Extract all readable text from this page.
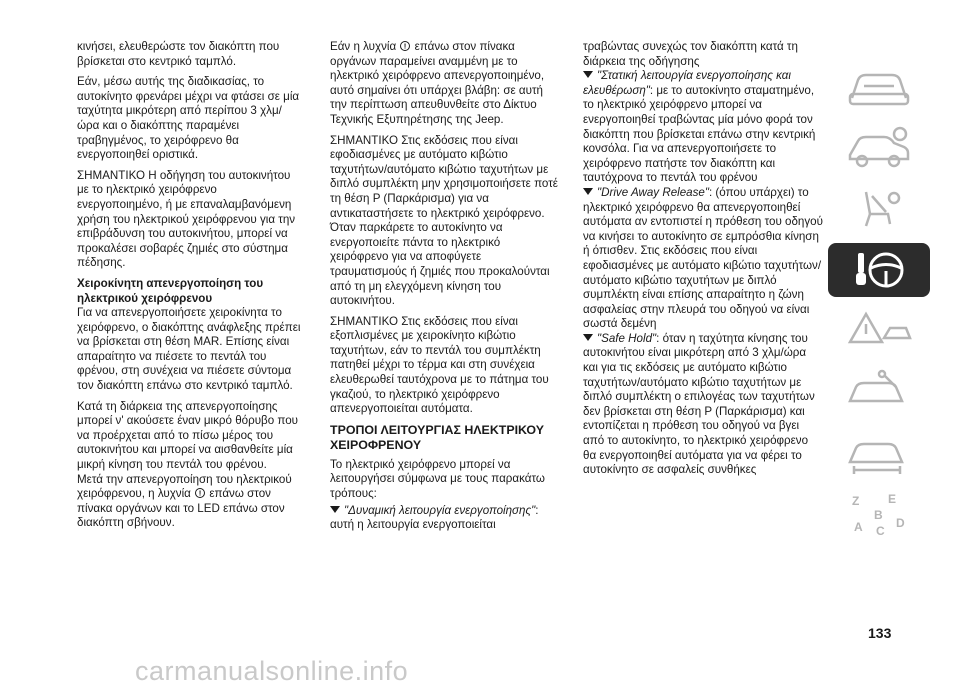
κινήσει, ελευθερώστε τον διακόπτη που βρίσκεται στο κεντρικό ταμπλό.

Εάν, μέσω αυτής της διαδικασίας, το αυτοκίνητο φρενάρει μέχρι να φτάσει σε μία ταχύτητα μικρότερη από περίπου 3 χλμ/ώρα και ο διακόπτης παραμένει τραβηγμένος, το χειρόφρενο θα ενεργοποιηθεί οριστικά.

ΣΗΜΑΝΤΙΚΟ Η οδήγηση του αυτοκινήτου με το ηλεκτρικό χειρόφρενο ενεργοποιημένο, ή με επαναλαμβανόμενη χρήση του ηλεκτρικού χειρόφρενου για την επιβράδυνση του αυτοκινήτου, μπορεί να προκαλέσει σοβαρές ζημιές στο σύστημα πέδησης.

Χειροκίνητη απενεργοποίηση του ηλεκτρικού χειρόφρενου

Για να απενεργοποιήσετε χειροκίνητα το χειρόφρενο, ο διακόπτης ανάφλεξης πρέπει να βρίσκεται στη θέση MAR. Επίσης είναι απαραίτητο να πιέσετε το πεντάλ του φρένου, στη συνέχεια να πιέσετε σύντομα τον διακόπτη επάνω στο κεντρικό ταμπλό.

Κατά τη διάρκεια της απενεργοποίησης μπορεί ν' ακούσετε έναν μικρό θόρυβο που να προέρχεται από το πίσω μέρος του αυτοκινήτου και μπορεί να αισθανθείτε μία μικρή κίνηση του πεντάλ του φρένου.

Μετά την απενεργοποίηση του ηλεκτρικού χειρόφρενου, η λυχνία ! επάνω στον πίνακα οργάνων και το LED επάνω στον διακόπτη σβήνουν.

Εάν η λυχνία ! επάνω στον πίνακα οργάνων παραμείνει αναμμένη με το ηλεκτρικό χειρόφρενο απενεργοποιημένο, αυτό σημαίνει ότι υπάρχει βλάβη: σε αυτή την περίπτωση απευθυνθείτε στο Δίκτυο Τεχνικής Εξυπηρέτησης της Jeep.

ΣΗΜΑΝΤΙΚΟ Στις εκδόσεις που είναι εφοδιασμένες με αυτόματο κιβώτιο ταχυτήτων/αυτόματο κιβώτιο ταχυτήτων με διπλό συμπλέκτη μην χρησιμοποιήσετε ποτέ τη θέση P (Παρκάρισμα) για να αντικαταστήσετε το ηλεκτρικό χειρόφρενο. Όταν παρκάρετε το αυτοκίνητο να ενεργοποιείτε πάντα το ηλεκτρικό χειρόφρενο για να αποφύγετε τραυματισμούς ή ζημιές που προκαλούνται από τη μη ελεγχόμενη κίνηση του αυτοκινήτου.

ΣΗΜΑΝΤΙΚΟ Στις εκδόσεις που είναι εξοπλισμένες με χειροκίνητο κιβώτιο ταχυτήτων, εάν το πεντάλ του συμπλέκτη πατηθεί μέχρι το τέρμα και στη συνέχεια ελευθερωθεί ταυτόχρονα με το πάτημα του γκαζιού, το ηλεκτρικό χειρόφρενο απενεργοποιείται αυτόματα.

ΤΡΟΠΟΙ ΛΕΙΤΟΥΡΓΙΑΣ ΗΛΕΚΤΡΙΚΟΥ ΧΕΙΡΟΦΡΕΝΟΥ

Το ηλεκτρικό χειρόφρενο μπορεί να λειτουργήσει σύμφωνα με τους παρακάτω τρόπους:

"Δυναμική λειτουργία ενεργοποίησης": αυτή η λειτουργία ενεργοποιείται

τραβώντας συνεχώς τον διακόπτη κατά τη διάρκεια της οδήγησης

"Στατική λειτουργία ενεργοποίησης και ελευθέρωση": με το αυτοκίνητο σταματημένο, το ηλεκτρικό χειρόφρενο μπορεί να ενεργοποιηθεί τραβώντας μία μόνο φορά τον διακόπτη που βρίσκεται επάνω στην κεντρική κονσόλα. Για να απενεργοποιήσετε το χειρόφρενο πατήστε τον διακόπτη και ταυτόχρονα το πεντάλ του φρένου

"Drive Away Release": (όπου υπάρχει) το ηλεκτρικό χειρόφρενο θα απενεργοποιηθεί αυτόματα αν εντοπιστεί η πρόθεση του οδηγού να κινήσει το αυτοκίνητο σε εμπρόσθια κίνηση ή όπισθεν. Στις εκδόσεις που είναι εφοδιασμένες με αυτόματο κιβώτιο ταχυτήτων/αυτόματο κιβώτιο ταχυτήτων με διπλό συμπλέκτη είναι επίσης απαραίτητο η ζώνη ασφαλείας στην πλευρά του οδηγού να είναι σωστά δεμένη

"Safe Hold": όταν η ταχύτητα κίνησης του αυτοκινήτου είναι μικρότερη από 3 χλμ/ώρα και για τις εκδόσεις με αυτόματο κιβώτιο ταχυτήτων/αυτόματο κιβώτιο ταχυτήτων με διπλό συμπλέκτη ο επιλογέας των ταχυτήτων δεν βρίσκεται στη θέση P (Παρκάρισμα) και εντοπίζεται η πρόθεση του οδηγού να βγει από το αυτοκίνητο, το ηλεκτρικό χειρόφρενο θα ενεργοποιηθεί αυτόματα για να φέρει το αυτοκίνητο σε ασφαλείς συνθήκες

Z E
B
A C
D
133
carmanualsonline.info
